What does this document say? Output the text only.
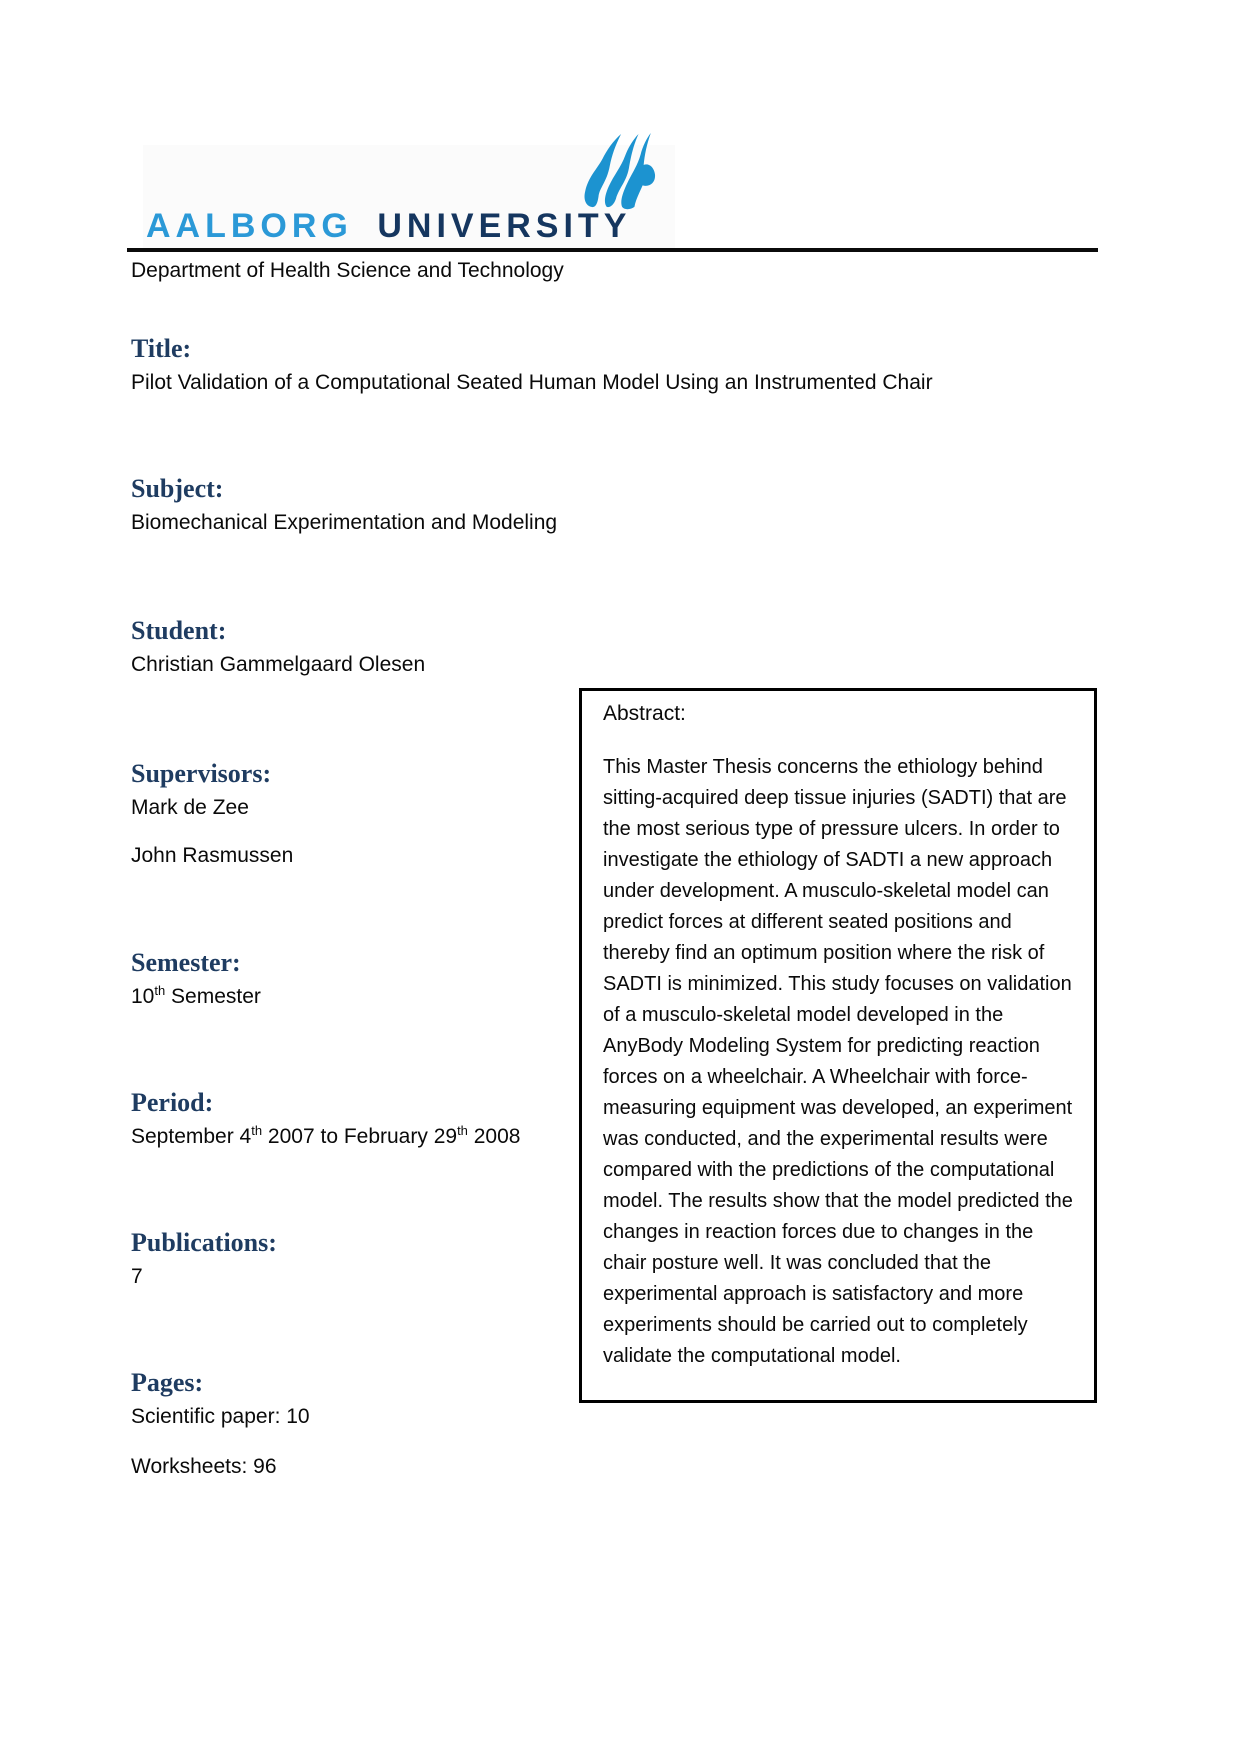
AALBORG UNIVERSITY
Department of Health Science and Technology
Title:

Pilot Validation of a Computational Seated Human Model Using an Instrumented Chair

Subject:

Biomechanical Experimentation and Modeling

Student:

Christian Gammelgaard Olesen

Supervisors:

Mark de Zee

John Rasmussen

Semester:

10th Semester

Period:

September 4th 2007 to February 29th 2008

Publications:

7

Pages:

Scientific paper: 10

Worksheets: 96

Abstract:

This Master Thesis concerns the ethiology behind sitting-acquired deep tissue injuries (SADTI) that are the most serious type of pressure ulcers. In order to investigate the ethiology of SADTI a new approach under development. A musculo-skeletal model can predict forces at different seated positions and thereby find an optimum position where the risk of SADTI is minimized. This study focuses on validation of a musculo-skeletal model developed in the AnyBody Modeling System for predicting reaction forces on a wheelchair. A Wheelchair with force-measuring equipment was developed, an experiment was conducted, and the experimental results were compared with the predictions of the computational model. The results show that the model predicted the changes in reaction forces due to changes in the chair posture well. It was concluded that the experimental approach is satisfactory and more experiments should be carried out to completely validate the computational model.
